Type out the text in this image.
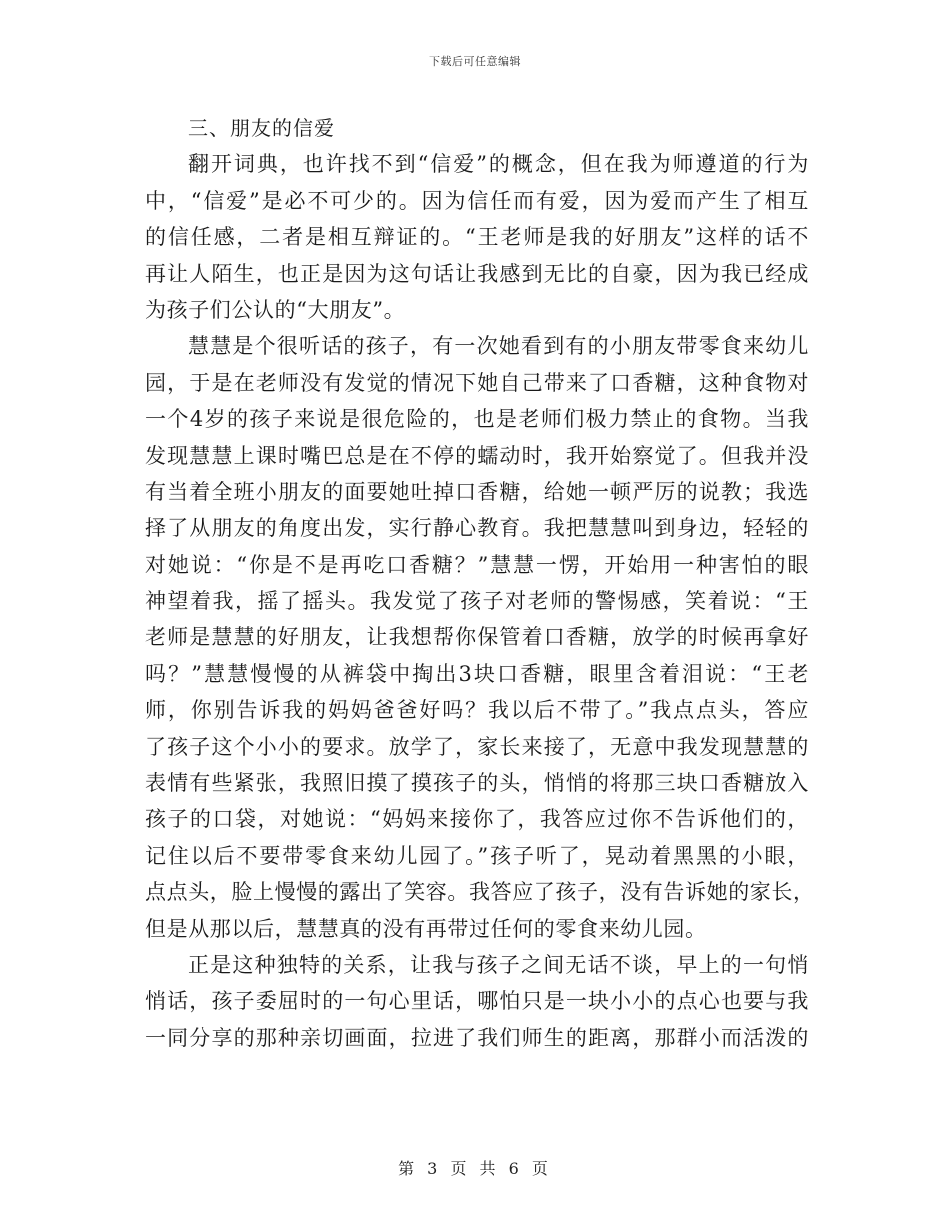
下载后可任意编辑
三、朋友的信爱
翻开词典，也许找不到“信爱”的概念，但在我为师遵道的行为
中，“信爱”是必不可少的。因为信任而有爱，因为爱而产生了相互
的信任感，二者是相互辩证的。“王老师是我的好朋友”这样的话不
再让人陌生，也正是因为这句话让我感到无比的自豪，因为我已经成
为孩子们公认的“大朋友”。
慧慧是个很听话的孩子，有一次她看到有的小朋友带零食来幼儿
园，于是在老师没有发觉的情况下她自己带来了口香糖，这种食物对
一个4岁的孩子来说是很危险的，也是老师们极力禁止的食物。当我
发现慧慧上课时嘴巴总是在不停的蠕动时，我开始察觉了。但我并没
有当着全班小朋友的面要她吐掉口香糖，给她一顿严厉的说教；我选
择了从朋友的角度出发，实行静心教育。我把慧慧叫到身边，轻轻的
对她说：“你是不是再吃口香糖？”慧慧一愣，开始用一种害怕的眼
神望着我，摇了摇头。我发觉了孩子对老师的警惕感，笑着说：“王
老师是慧慧的好朋友，让我想帮你保管着口香糖，放学的时候再拿好
吗？”慧慧慢慢的从裤袋中掏出3块口香糖，眼里含着泪说：“王老
师，你别告诉我的妈妈爸爸好吗？我以后不带了。”我点点头，答应
了孩子这个小小的要求。放学了，家长来接了，无意中我发现慧慧的
表情有些紧张，我照旧摸了摸孩子的头，悄悄的将那三块口香糖放入
孩子的口袋，对她说：“妈妈来接你了，我答应过你不告诉他们的，
记住以后不要带零食来幼儿园了。”孩子听了，晃动着黑黑的小眼，
点点头，脸上慢慢的露出了笑容。我答应了孩子，没有告诉她的家长，
但是从那以后，慧慧真的没有再带过任何的零食来幼儿园。
正是这种独特的关系，让我与孩子之间无话不谈，早上的一句悄
悄话，孩子委屈时的一句心里话，哪怕只是一块小小的点心也要与我
一同分享的那种亲切画面，拉进了我们师生的距离，那群小而活泼的
第 3 页 共 6 页
